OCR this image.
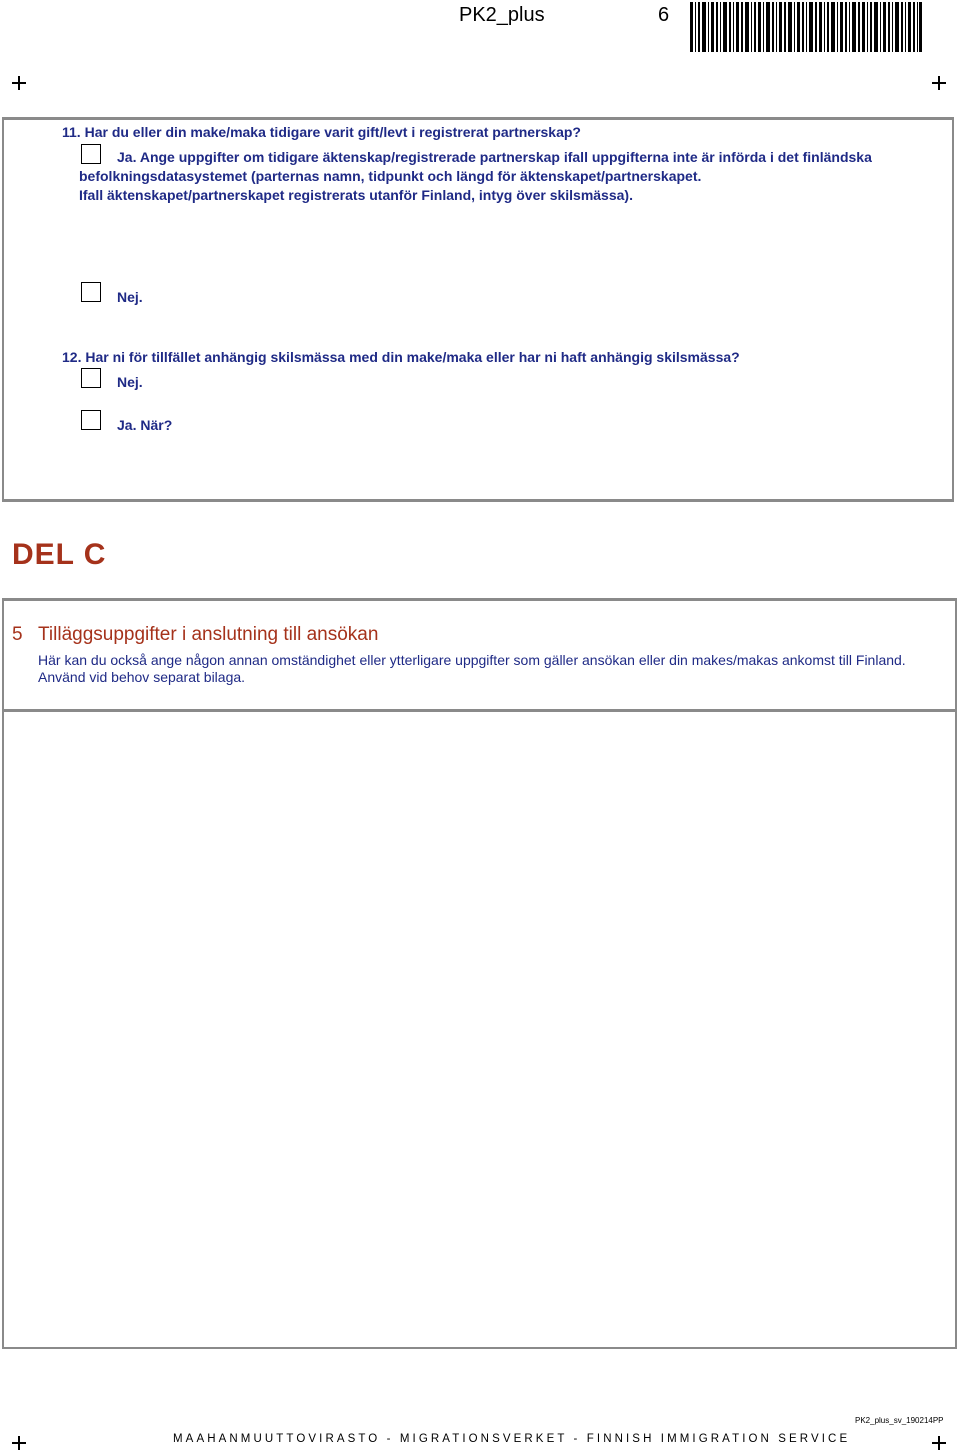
PK2_plus	6
11. Har du eller din make/maka tidigare varit gift/levt i registrerat partnerskap?
Ja. Ange uppgifter om tidigare äktenskap/registrerade partnerskap ifall uppgifterna inte är införda i det finländska
befolkningsdatasystemet (parternas namn, tidpunkt och längd för äktenskapet/partnerskapet.
Ifall äktenskapet/partnerskapet registrerats utanför Finland, intyg över skilsmässa).
Nej.
12. Har ni för tillfället anhängig skilsmässa med din make/maka eller har ni haft anhängig skilsmässa?
Nej.
Ja. När?
DEL C
5 Tilläggsuppgifter i anslutning till ansökan
Här kan du också ange någon annan omständighet eller ytterligare uppgifter som gäller ansökan eller din makes/makas ankomst till Finland. Använd vid behov separat bilaga.
PK2_plus_sv_190214PP
MAAHANMUUTTOVIRASTO - MIGRATIONSVERKET - FINNISH IMMIGRATION SERVICE
